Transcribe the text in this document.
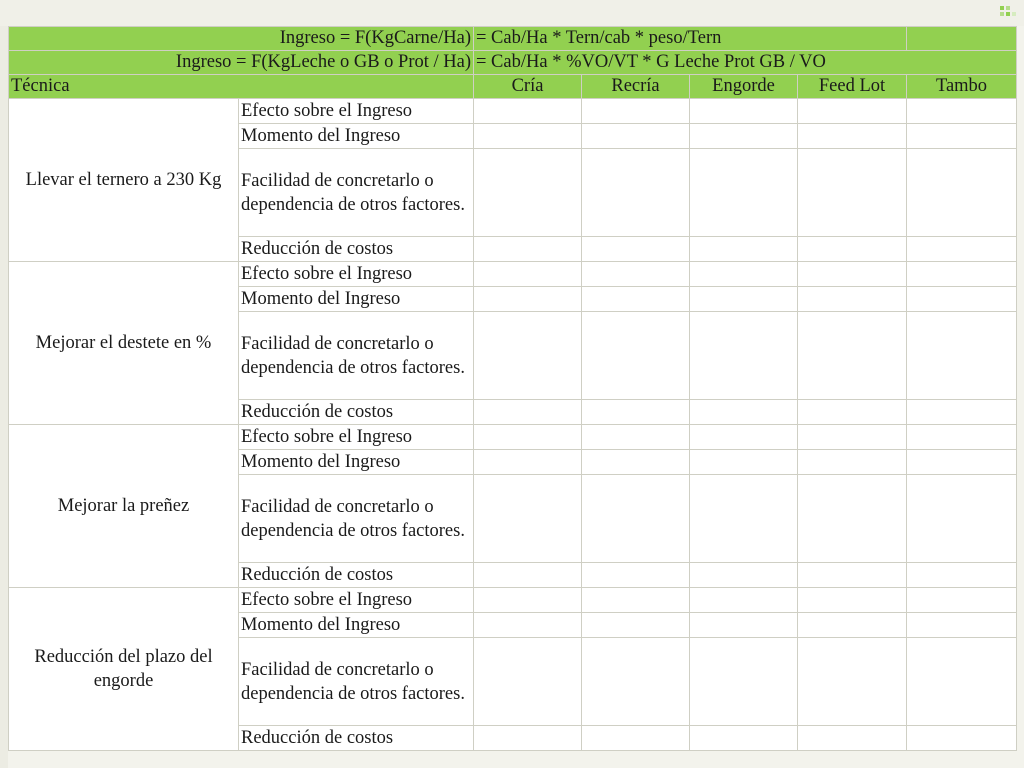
Ingreso = F(KgCarne/Ha)		= Cab/Ha * Tern/cab * peso/Tern				
Ingreso = F(KgLeche o GB o Prot / Ha)		= Cab/Ha * %VO/VT * G Leche Prot GB / VO				
Técnica		Cría	Recría	Engorde	Feed Lot	Tambo
Llevar el ternero a 230 Kg	Efecto sobre el Ingreso					
	Momento del Ingreso					
	Facilidad de concretarlo o dependencia de otros factores.					
	Reducción de costos					
Mejorar el destete en %	Efecto sobre el Ingreso					
	Momento del Ingreso					
	Facilidad de concretarlo o dependencia de otros factores.					
	Reducción de costos					
Mejorar la preñez	Efecto sobre el Ingreso					
	Momento del Ingreso					
	Facilidad de concretarlo o dependencia de otros factores.					
	Reducción de costos					
Reducción del plazo del engorde	Efecto sobre el Ingreso					
	Momento del Ingreso					
	Facilidad de concretarlo o dependencia de otros factores.					
	Reducción de costos					
